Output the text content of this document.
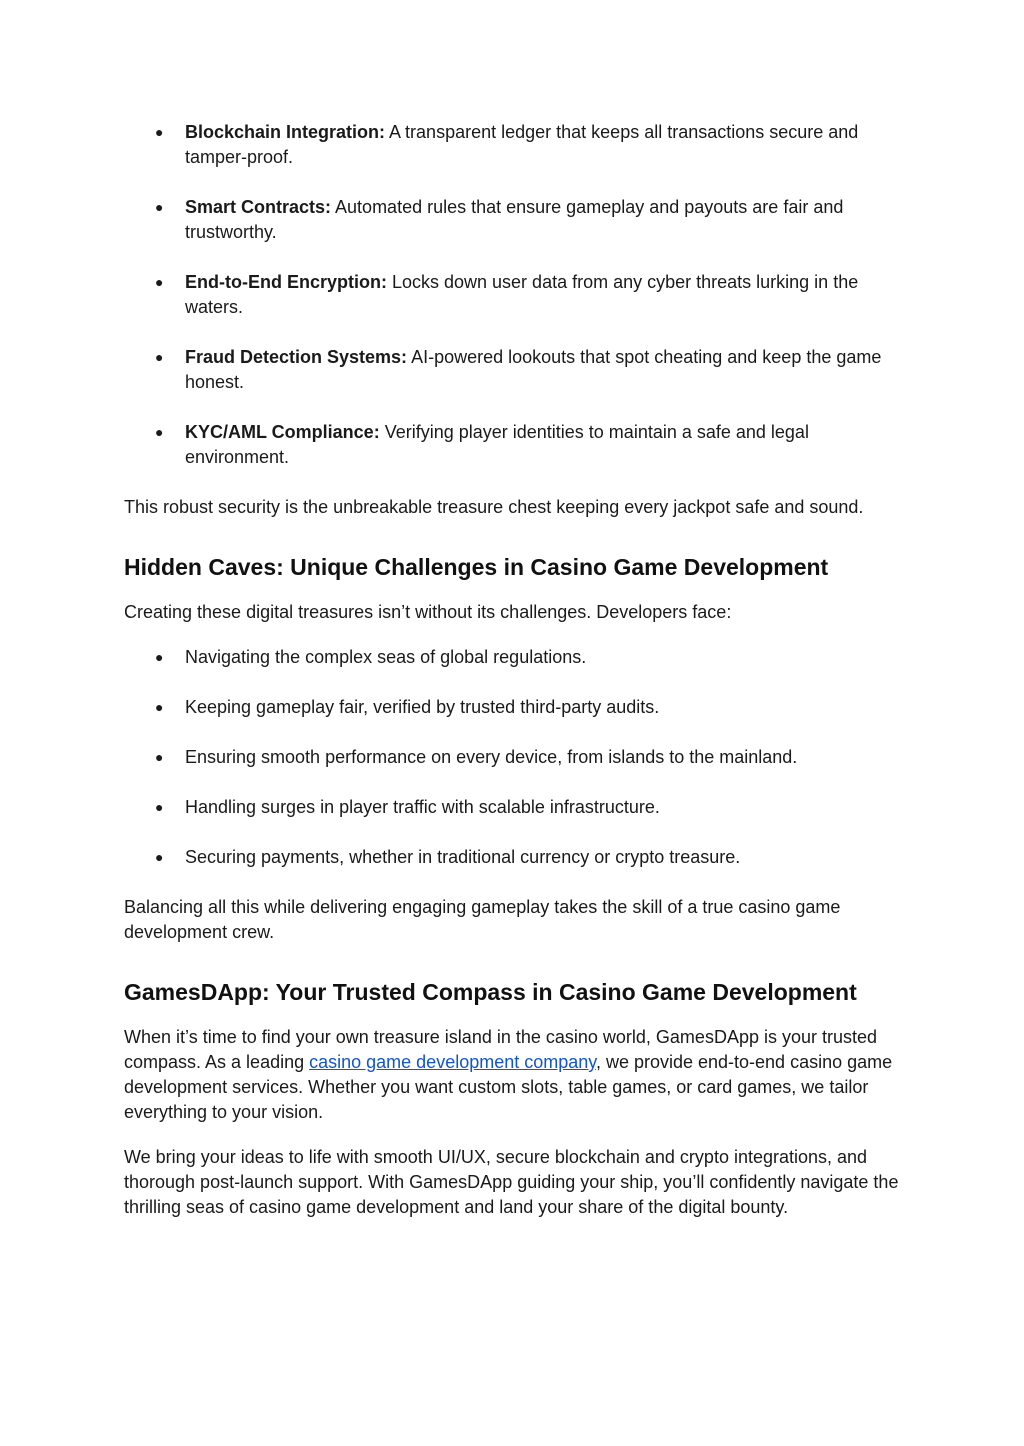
● Blockchain Integration: A transparent ledger that keeps all transactions secure and tamper-proof.
● Smart Contracts: Automated rules that ensure gameplay and payouts are fair and trustworthy.
● End-to-End Encryption: Locks down user data from any cyber threats lurking in the waters.
● Fraud Detection Systems: AI-powered lookouts that spot cheating and keep the game honest.
● KYC/AML Compliance: Verifying player identities to maintain a safe and legal environment.

This robust security is the unbreakable treasure chest keeping every jackpot safe and sound.

Hidden Caves: Unique Challenges in Casino Game Development

Creating these digital treasures isn’t without its challenges. Developers face:

● Navigating the complex seas of global regulations.
● Keeping gameplay fair, verified by trusted third-party audits.
● Ensuring smooth performance on every device, from islands to the mainland.
● Handling surges in player traffic with scalable infrastructure.
● Securing payments, whether in traditional currency or crypto treasure.

Balancing all this while delivering engaging gameplay takes the skill of a true casino game development crew.

GamesDApp: Your Trusted Compass in Casino Game Development

When it’s time to find your own treasure island in the casino world, GamesDApp is your trusted compass. As a leading casino game development company, we provide end-to-end casino game development services. Whether you want custom slots, table games, or card games, we tailor everything to your vision.

We bring your ideas to life with smooth UI/UX, secure blockchain and crypto integrations, and thorough post-launch support. With GamesDApp guiding your ship, you’ll confidently navigate the thrilling seas of casino game development and land your share of the digital bounty.
